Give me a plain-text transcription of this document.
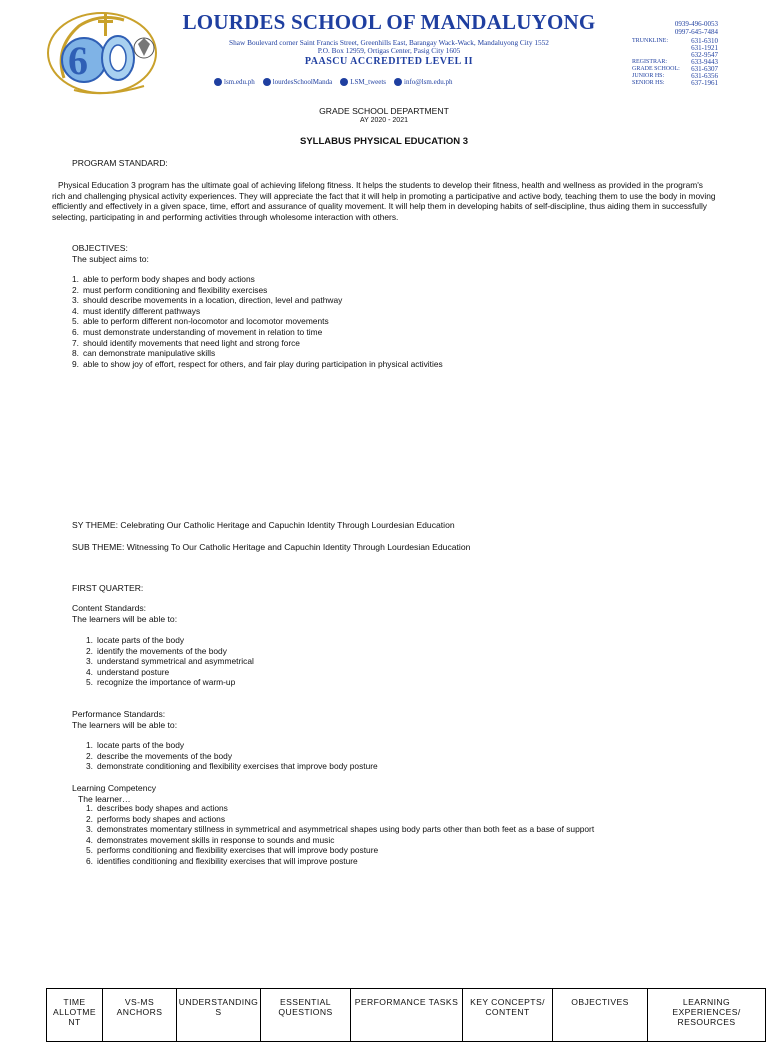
6
LOURDES SCHOOL OF MANDALUYONG
Shaw Boulevard corner Saint Francis Street, Greenhills East, Barangay Wack-Wack, Mandaluyong City 1552
P.O. Box 12959, Ortigas Center, Pasig City 1605
PAASCU ACCREDITED LEVEL II
lsm.edu.ph	lourdesSchoolManda	LSM_tweets	info@lsm.edu.ph
0939-496-0053
0997-645-7484
TRUNKLINE:	631-6310
631-1921
632-9547
REGISTRAR:	633-9443
GRADE SCHOOL: 631-6307
JUNIOR HS:	631-6356
SENIOR HS:	637-1961
GRADE SCHOOL DEPARTMENT
AY 2020 - 2021
SYLLABUS PHYSICAL EDUCATION 3
PROGRAM STANDARD:

Physical Education 3 program has the ultimate goal of achieving lifelong fitness. It helps the students to develop their fitness, health and wellness as provided in the program's rich and challenging physical activity experiences. They will appreciate the fact that it will help in promoting a participative and active body, teaching them to use the body in moving efficiently and effectively in a given space, time, effort and assurance of quality movement. It will help them in developing habits of self-discipline, thus aiding them in successfully selecting, participating in and performing activities through wholesome interaction with others.

OBJECTIVES:
The subject aims to:
1. able to perform body shapes and body actions
2. must perform conditioning and flexibility exercises
3. should describe movements in a location, direction, level and pathway
4. must identify different pathways
5. able to perform different non-locomotor and locomotor movements
6. must demonstrate understanding of movement in relation to time
7. should identify movements that need light and strong force
8. can demonstrate manipulative skills
9. able to show joy of effort, respect for others, and fair play during participation in physical activities
SY THEME: Celebrating Our Catholic Heritage and Capuchin Identity Through Lourdesian Education
SUB THEME: Witnessing To Our Catholic Heritage and Capuchin Identity Through Lourdesian Education
FIRST QUARTER:
Content Standards:
The learners will be able to:
1. locate parts of the body
2. identify the movements of the body
3. understand symmetrical and asymmetrical
4. understand posture
5. recognize the importance of warm-up
Performance Standards:
The learners will be able to:
1. locate parts of the body
2. describe the movements of the body
3. demonstrate conditioning and flexibility exercises that improve body posture
Learning Competency
The learner…
1. describes body shapes and actions
2. performs body shapes and actions
3. demonstrates momentary stillness in symmetrical and asymmetrical shapes using body parts other than both feet as a base of support
4. demonstrates movement skills in response to sounds and music
5. performs conditioning and flexibility exercises that will improve body posture
6. identifies conditioning and flexibility exercises that will improve posture
TIME ALLOTME NT	VS-MS ANCHORS	UNDERSTANDING S	ESSENTIAL QUESTIONS	PERFORMANCE TASKS	KEY CONCEPTS/ CONTENT	OBJECTIVES	LEARNING EXPERIENCES/ RESOURCES
